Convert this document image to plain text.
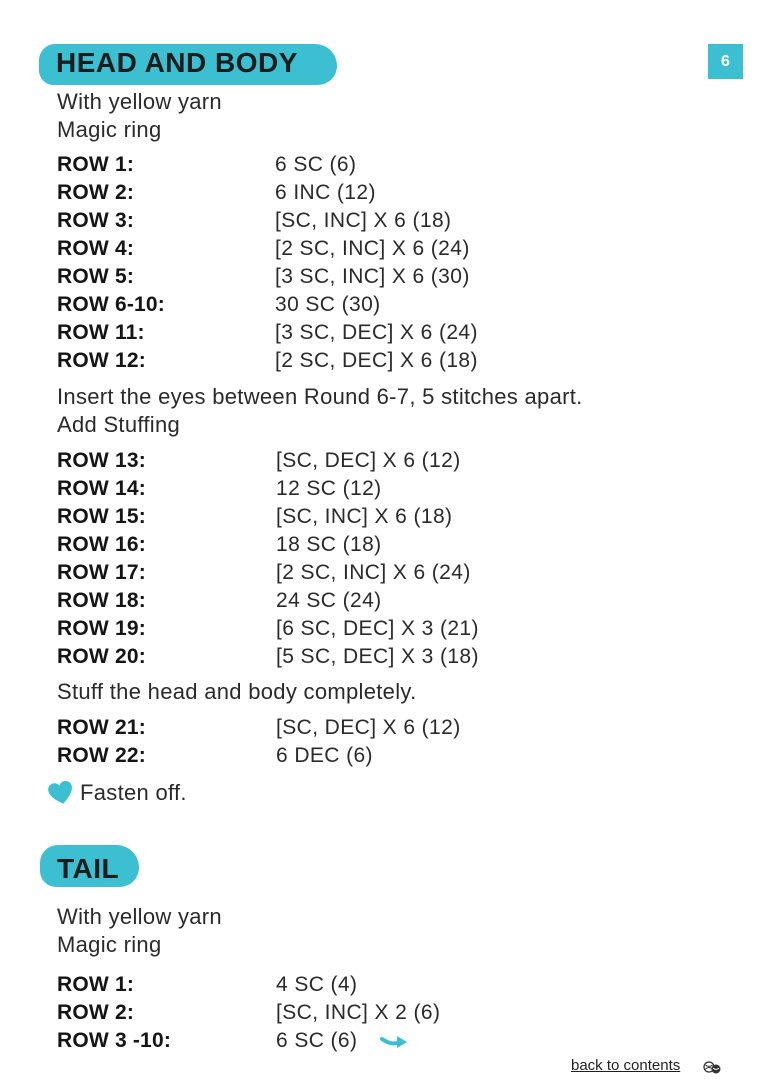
6
HEAD AND BODY
With yellow yarn
Magic ring
ROW 1:	6 SC (6)
ROW 2:	6 INC (12)
ROW 3:	[SC, INC] X 6 (18)
ROW 4:	[2 SC, INC] X 6 (24)
ROW 5:	[3 SC, INC] X 6 (30)
ROW 6-10:	30 SC (30)
ROW 11:	[3 SC, DEC] X 6 (24)
ROW 12:	[2 SC, DEC] X 6 (18)
Insert the eyes between Round 6-7, 5 stitches apart.
Add Stuffing
ROW 13:	[SC, DEC] X 6 (12)
ROW 14:	12 SC (12)
ROW 15:	[SC, INC] X 6 (18)
ROW 16:	18 SC (18)
ROW 17:	[2 SC, INC] X 6 (24)
ROW 18:	24 SC (24)
ROW 19:	[6 SC, DEC] X 3 (21)
ROW 20:	[5 SC, DEC] X 3 (18)
Stuff the head and body completely.
ROW 21:	[SC, DEC] X 6 (12)
ROW 22:	6 DEC (6)
Fasten off.
TAIL
With yellow yarn
Magic ring
ROW 1:	4 SC (4)
ROW 2:	[SC, INC] X 2 (6)
ROW 3 -10:	6 SC (6)
back to contents
